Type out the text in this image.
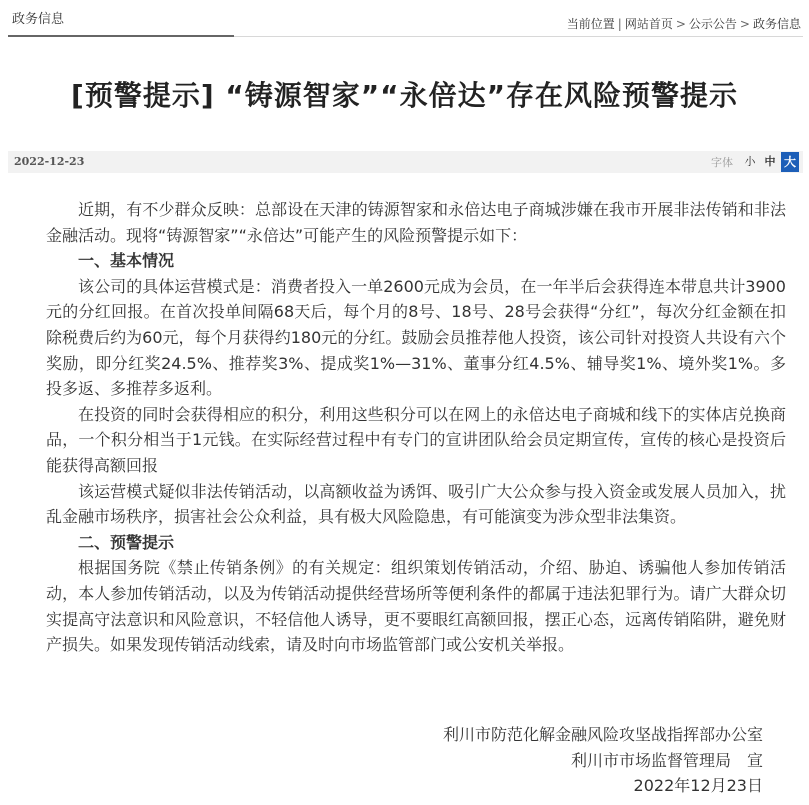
政务信息	当前位置 | 网站首页 > 公示公告 > 政务信息
[预警提示] “铸源智家”“永倍达”存在风险预警提示
2022-12-23	字体	小 中 大

近期，有不少群众反映：总部设在天津的铸源智家和永倍达电子商城涉嫌在我市开展非法传销和非法金融活动。现将“铸源智家”“永倍达”可能产生的风险预警提示如下：

一、基本情况

该公司的具体运营模式是：消费者投入一单2600元成为会员，在一年半后会获得连本带息共计3900元的分红回报。在首次投单间隔68天后，每个月的8号、18号、28号会获得“分红”，每次分红金额在扣除税费后约为60元，每个月获得约180元的分红。鼓励会员推荐他人投资，该公司针对投资人共设有六个奖励，即分红奖24.5%、推荐奖3%、提成奖1%—31%、董事分红4.5%、辅导奖1%、境外奖1%。多投多返、多推荐多返利。

在投资的同时会获得相应的积分，利用这些积分可以在网上的永倍达电子商城和线下的实体店兑换商品，一个积分相当于1元钱。在实际经营过程中有专门的宣讲团队给会员定期宣传，宣传的核心是投资后能获得高额回报

该运营模式疑似非法传销活动，以高额收益为诱饵、吸引广大公众参与投入资金或发展人员加入，扰乱金融市场秩序，损害社会公众利益，具有极大风险隐患，有可能演变为涉众型非法集资。

二、预警提示

根据国务院《禁止传销条例》的有关规定：组织策划传销活动，介绍、胁迫、诱骗他人参加传销活动，本人参加传销活动，以及为传销活动提供经营场所等便利条件的都属于违法犯罪行为。请广大群众切实提高守法意识和风险意识，不轻信他人诱导，更不要眼红高额回报，摆正心态，远离传销陷阱，避免财产损失。如果发现传销活动线索，请及时向市场监管部门或公安机关举报。

利川市防范化解金融风险攻坚战指挥部办公室
利川市市场监督管理局　宣
2022年12月23日
